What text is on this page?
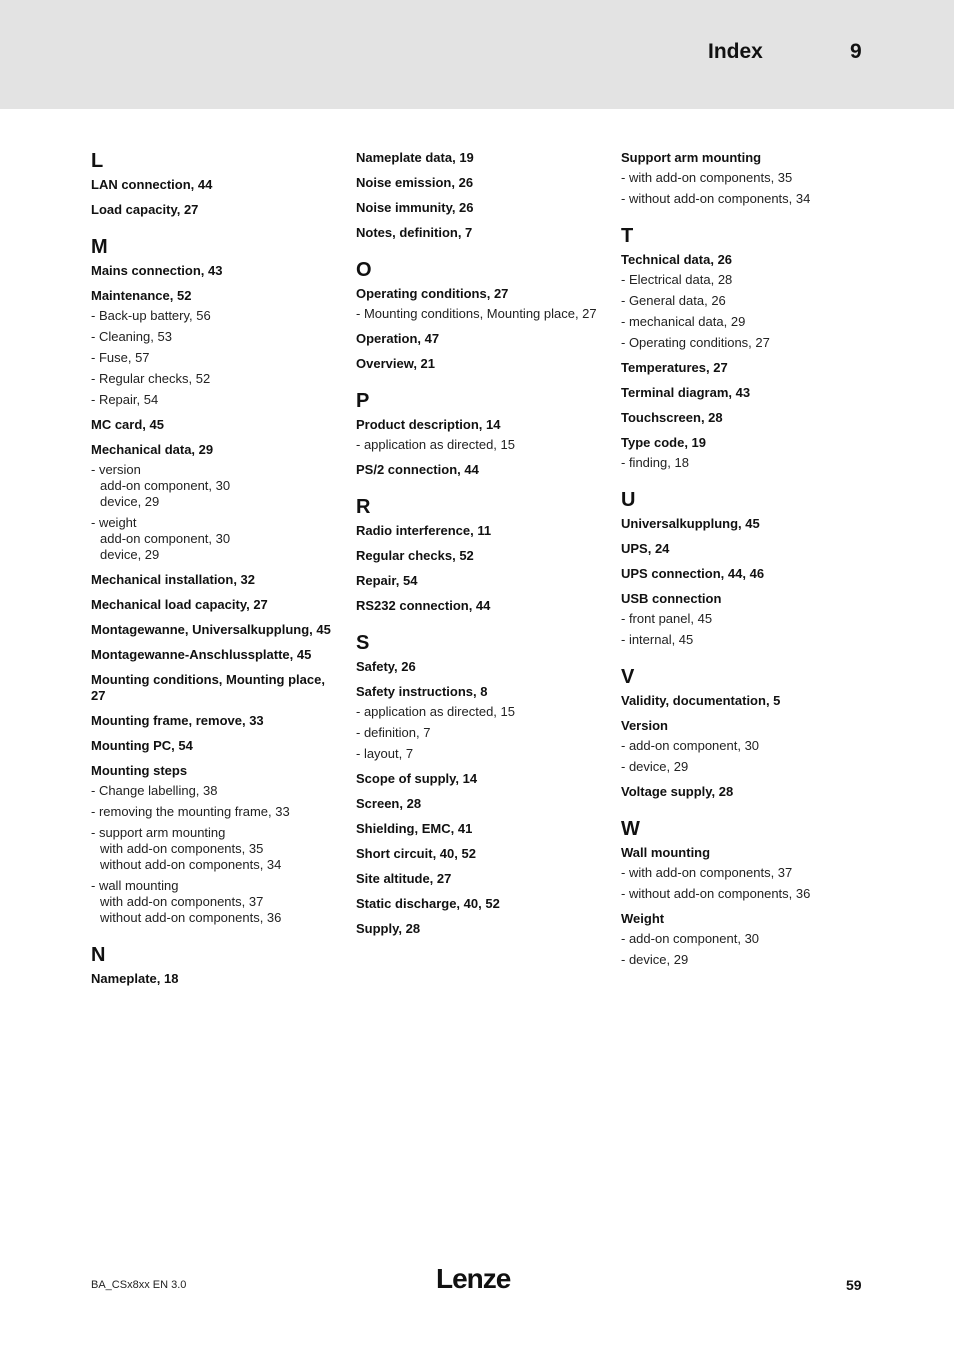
Index	9
L
LAN connection, 44
Load capacity, 27
M
Mains connection, 43
Maintenance, 52
- Back-up battery, 56
- Cleaning, 53
- Fuse, 57
- Regular checks, 52
- Repair, 54
MC card, 45
Mechanical data, 29
- version
add-on component, 30
device, 29
- weight
add-on component, 30
device, 29
Mechanical installation, 32
Mechanical load capacity, 27
Montagewanne, Universalkupplung, 45
Montagewanne-Anschlussplatte, 45
Mounting conditions, Mounting place, 27
Mounting frame, remove, 33
Mounting PC, 54
Mounting steps
- Change labelling, 38
- removing the mounting frame, 33
- support arm mounting
with add-on components, 35
without add-on components, 34
- wall mounting
with add-on components, 37
without add-on components, 36
N
Nameplate, 18
Nameplate data, 19
Noise emission, 26
Noise immunity, 26
Notes, definition, 7
O
Operating conditions, 27
- Mounting conditions, Mounting place, 27
Operation, 47
Overview, 21
P
Product description, 14
- application as directed, 15
PS/2 connection, 44
R
Radio interference, 11
Regular checks, 52
Repair, 54
RS232 connection, 44
S
Safety, 26
Safety instructions, 8
- application as directed, 15
- definition, 7
- layout, 7
Scope of supply, 14
Screen, 28
Shielding, EMC, 41
Short circuit, 40, 52
Site altitude, 27
Static discharge, 40, 52
Supply, 28
Support arm mounting
- with add-on components, 35
- without add-on components, 34
T
Technical data, 26
- Electrical data, 28
- General data, 26
- mechanical data, 29
- Operating conditions, 27
Temperatures, 27
Terminal diagram, 43
Touchscreen, 28
Type code, 19
- finding, 18
U
Universalkupplung, 45
UPS, 24
UPS connection, 44, 46
USB connection
- front panel, 45
- internal, 45
V
Validity, documentation, 5
Version
- add-on component, 30
- device, 29
Voltage supply, 28
W
Wall mounting
- with add-on components, 37
- without add-on components, 36
Weight
- add-on component, 30
- device, 29
BA_CSx8xx EN 3.0	Lenze	59
